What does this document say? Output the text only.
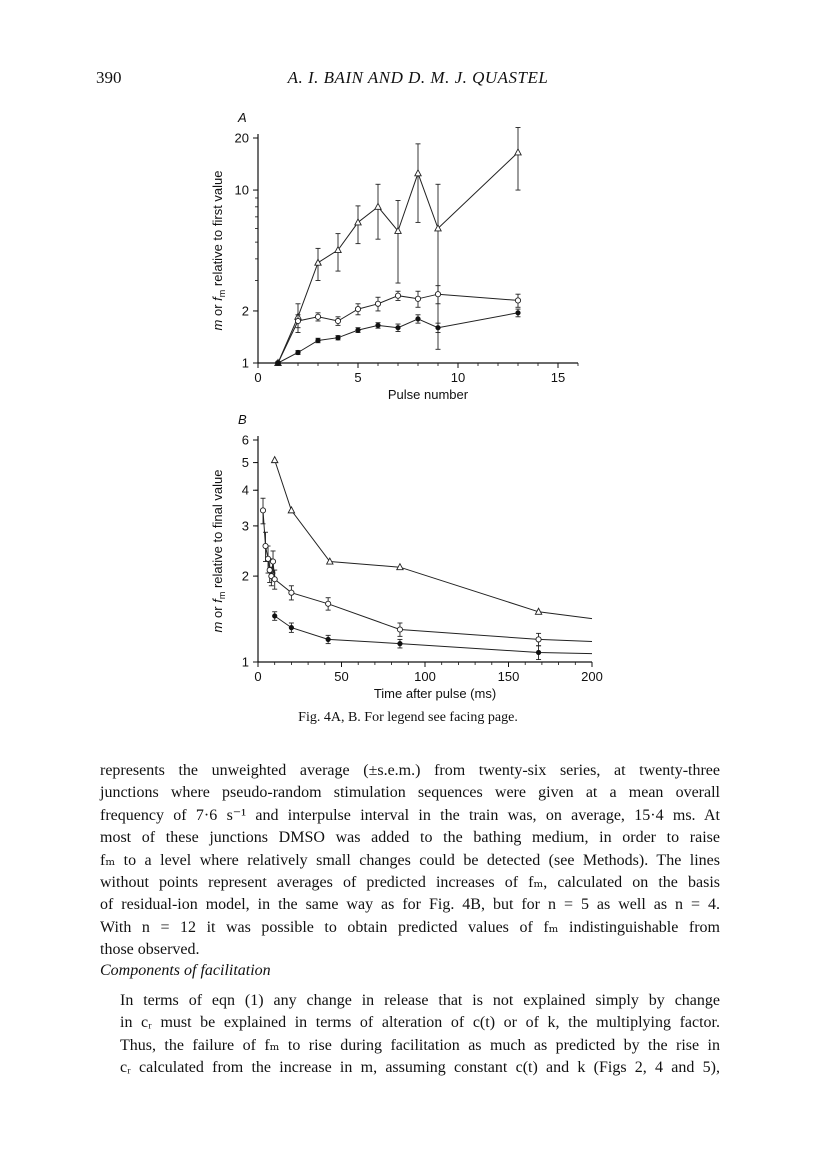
390	A. I. BAIN AND D. M. J. QUASTEL
0	5	10	15
1
2
10
20
A
Pulse number
m or $f_m$ relative to first value
0	50	100	150	200
1
2
3
4
5
6
B
Time after pulse (ms)
m or $f_m$ relative to final value
Fig. 4A, B. For legend see facing page.
represents the unweighted average (±s.e.m.) from twenty-six series, at twenty-three
junctions where pseudo-random stimulation sequences were given at a mean overall
frequency of 7·6 s⁻¹ and interpulse interval in the train was, on average, 15·4 ms. At
most of these junctions DMSO was added to the bathing medium, in order to raise
fₘ to a level where relatively small changes could be detected (see Methods). The lines
without points represent averages of predicted increases of fₘ, calculated on the basis
of residual-ion model, in the same way as for Fig. 4B, but for n = 5 as well as n = 4.
With n = 12 it was possible to obtain predicted values of fₘ indistinguishable from
those observed.
Components of facilitation
In terms of eqn (1) any change in release that is not explained simply by change
in cᵣ must be explained in terms of alteration of c(t) or of k, the multiplying factor.
Thus, the failure of fₘ to rise during facilitation as much as predicted by the rise in
cᵣ calculated from the increase in m, assuming constant c(t) and k (Figs 2, 4 and 5),
